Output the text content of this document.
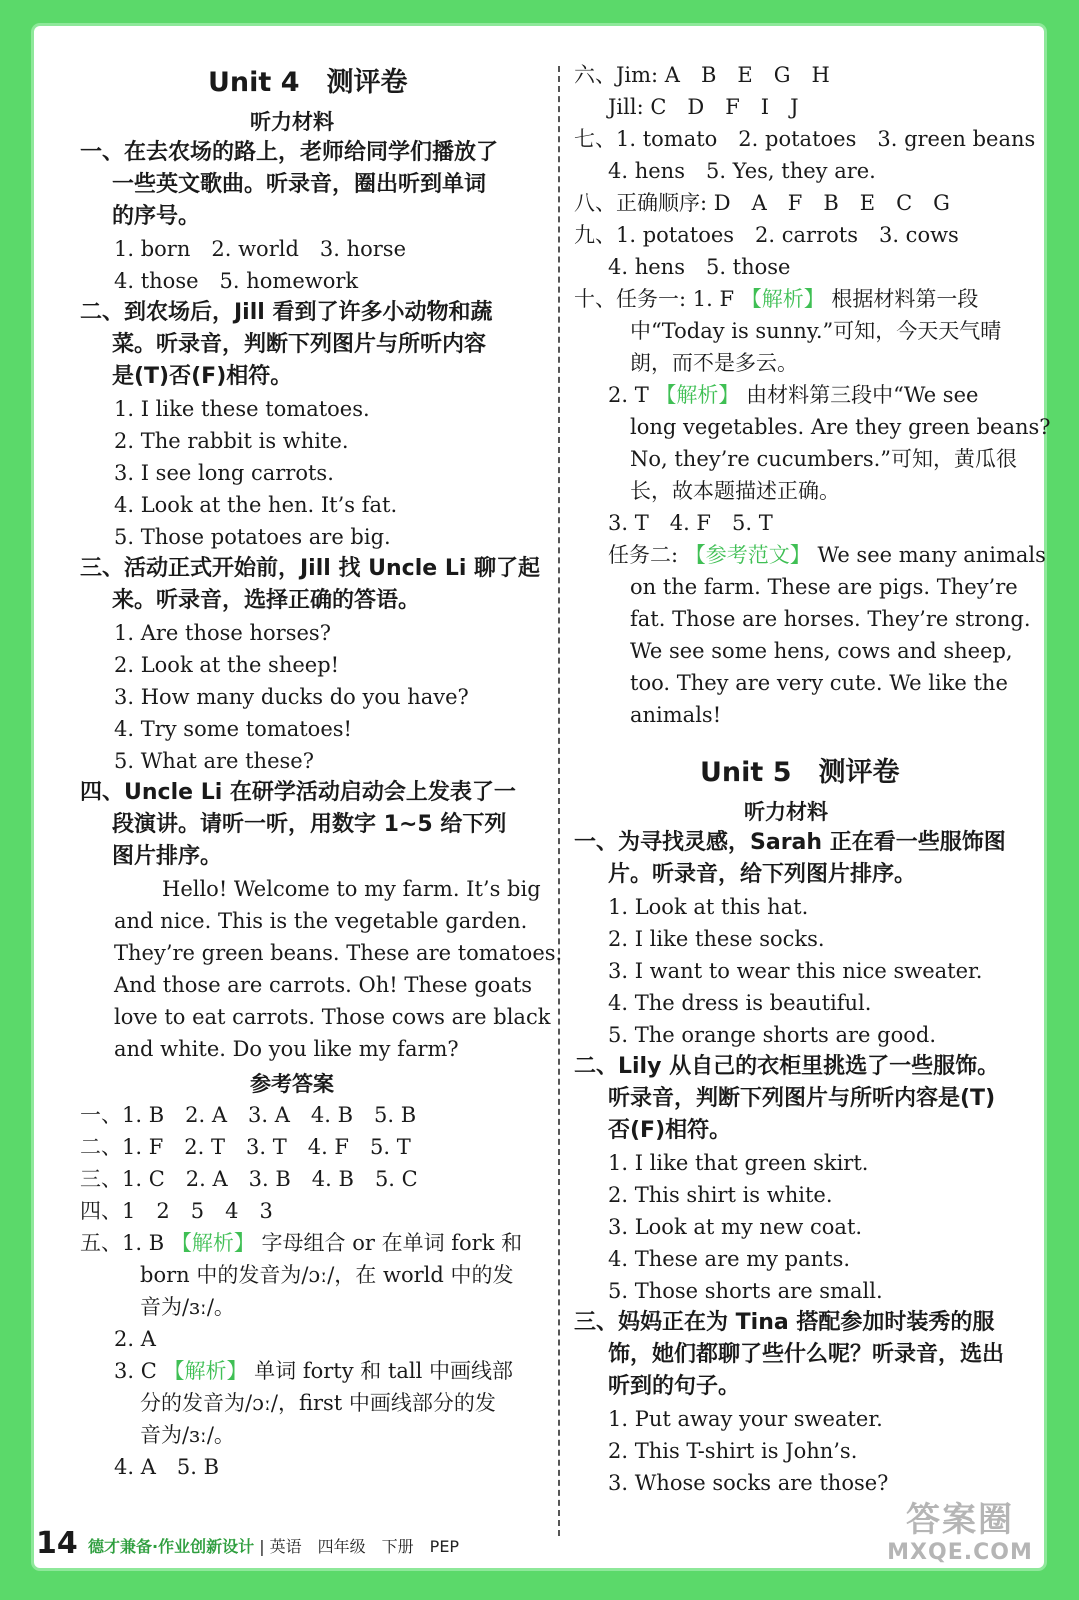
Unit 4　测评卷
听力材料
一、在去农场的路上，老师给同学们播放了
一些英文歌曲。听录音，圈出听到单词
的序号。
1. born　2. world　3. horse
4. those　5. homework
二、到农场后，Jill 看到了许多小动物和蔬
菜。听录音，判断下列图片与所听内容
是(T)否(F)相符。
1. I like these tomatoes.
2. The rabbit is white.
3. I see long carrots.
4. Look at the hen. It’s fat.
5. Those potatoes are big.
三、活动正式开始前，Jill 找 Uncle Li 聊了起
来。听录音，选择正确的答语。
1. Are those horses?
2. Look at the sheep!
3. How many ducks do you have?
4. Try some tomatoes!
5. What are these?
四、Uncle Li 在研学活动启动会上发表了一
段演讲。请听一听，用数字 1~5 给下列
图片排序。
Hello! Welcome to my farm. It’s big
and nice. This is the vegetable garden.
They’re green beans. These are tomatoes.
And those are carrots. Oh! These goats
love to eat carrots. Those cows are black
and white. Do you like my farm?
参考答案
一、1. B　2. A　3. A　4. B　5. B
二、1. F　2. T　3. T　4. F　5. T
三、1. C　2. A　3. B　4. B　5. C
四、1　2　5　4　3
五、1. B 【解析】 字母组合 or 在单词 fork 和
born 中的发音为/ɔː/，在 world 中的发
音为/ɜː/。
2. A
3. C 【解析】 单词 forty 和 tall 中画线部
分的发音为/ɔː/，first 中画线部分的发
音为/ɜː/。
4. A　5. B
六、Jim: A　B　E　G　H
Jill: C　D　F　I　J
七、1. tomato　2. potatoes　3. green beans
4. hens　5. Yes, they are.
八、正确顺序: D　A　F　B　E　C　G
九、1. potatoes　2. carrots　3. cows
4. hens　5. those
十、任务一: 1. F 【解析】 根据材料第一段
中“Today is sunny.”可知，今天天气晴
朗，而不是多云。
2. T 【解析】 由材料第三段中“We see
long vegetables. Are they green beans?
No, they’re cucumbers.”可知，黄瓜很
长，故本题描述正确。
3. T　4. F　5. T
任务二: 【参考范文】 We see many animals
on the farm. These are pigs. They’re
fat. Those are horses. They’re strong.
We see some hens, cows and sheep,
too. They are very cute. We like the
animals!
Unit 5　测评卷
听力材料
一、为寻找灵感，Sarah 正在看一些服饰图
片。听录音，给下列图片排序。
1. Look at this hat.
2. I like these socks.
3. I want to wear this nice sweater.
4. The dress is beautiful.
5. The orange shorts are good.
二、Lily 从自己的衣柜里挑选了一些服饰。
听录音，判断下列图片与所听内容是(T)
否(F)相符。
1. I like that green skirt.
2. This shirt is white.
3. Look at my new coat.
4. These are my pants.
5. Those shorts are small.
三、妈妈正在为 Tina 搭配参加时装秀的服
饰，她们都聊了些什么呢？听录音，选出
听到的句子。
1. Put away your sweater.
2. This T-shirt is John’s.
3. Whose socks are those?
14 德才兼备·作业创新设计 | 英语　四年级　下册　PEP
答案圈
MXQE.COM
